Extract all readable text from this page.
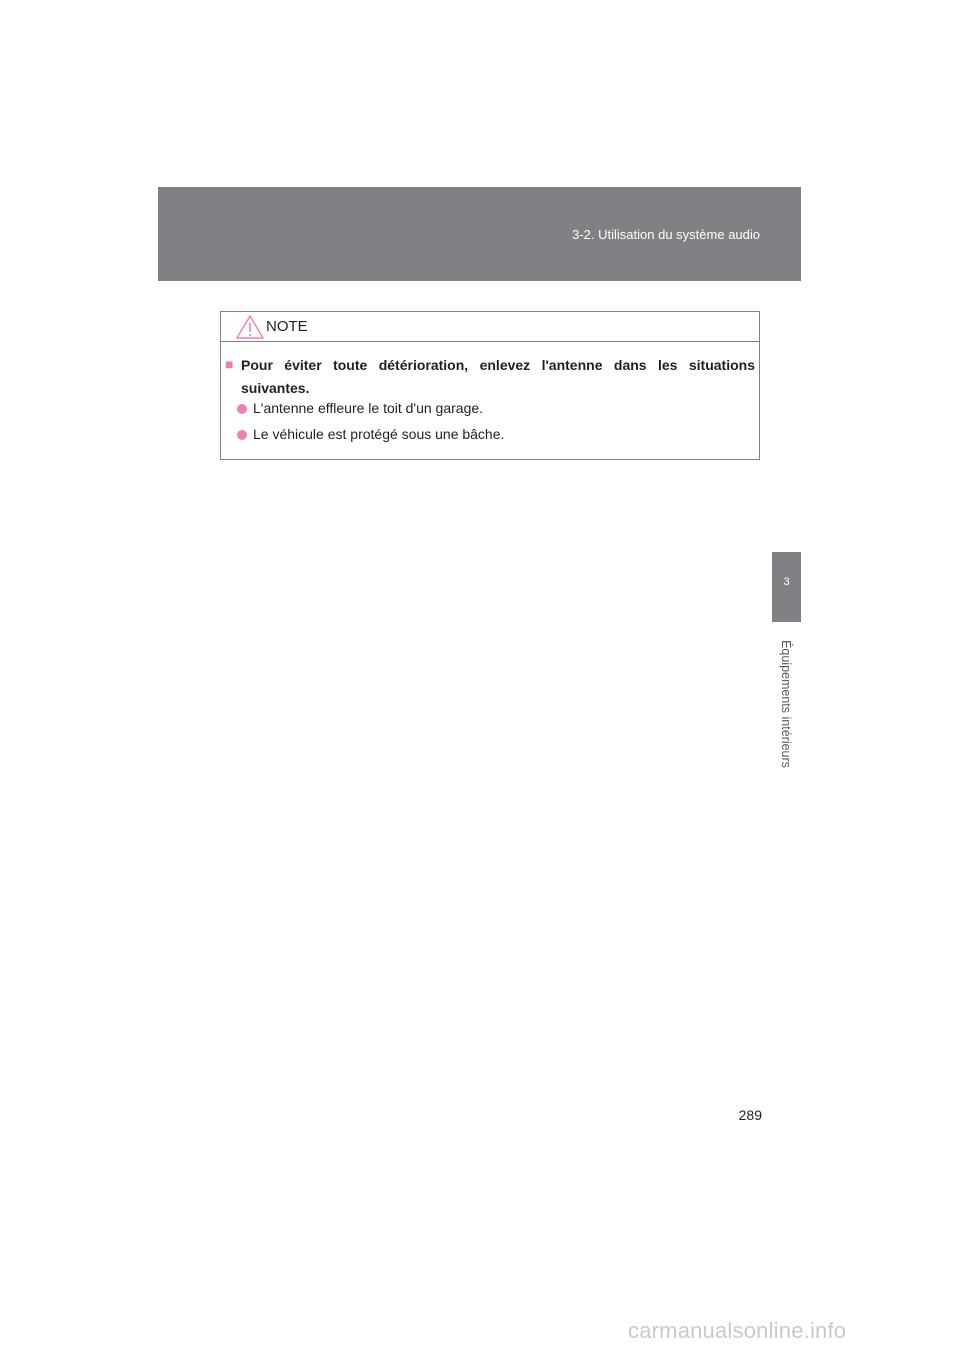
3-2. Utilisation du système audio
3
Équipements intérieurs
NOTE
■ Pour éviter toute détérioration, enlevez l'antenne dans les situations suivantes.

L'antenne effleure le toit d'un garage.
Le véhicule est protégé sous une bâche.
289
carmanualsonline.info
